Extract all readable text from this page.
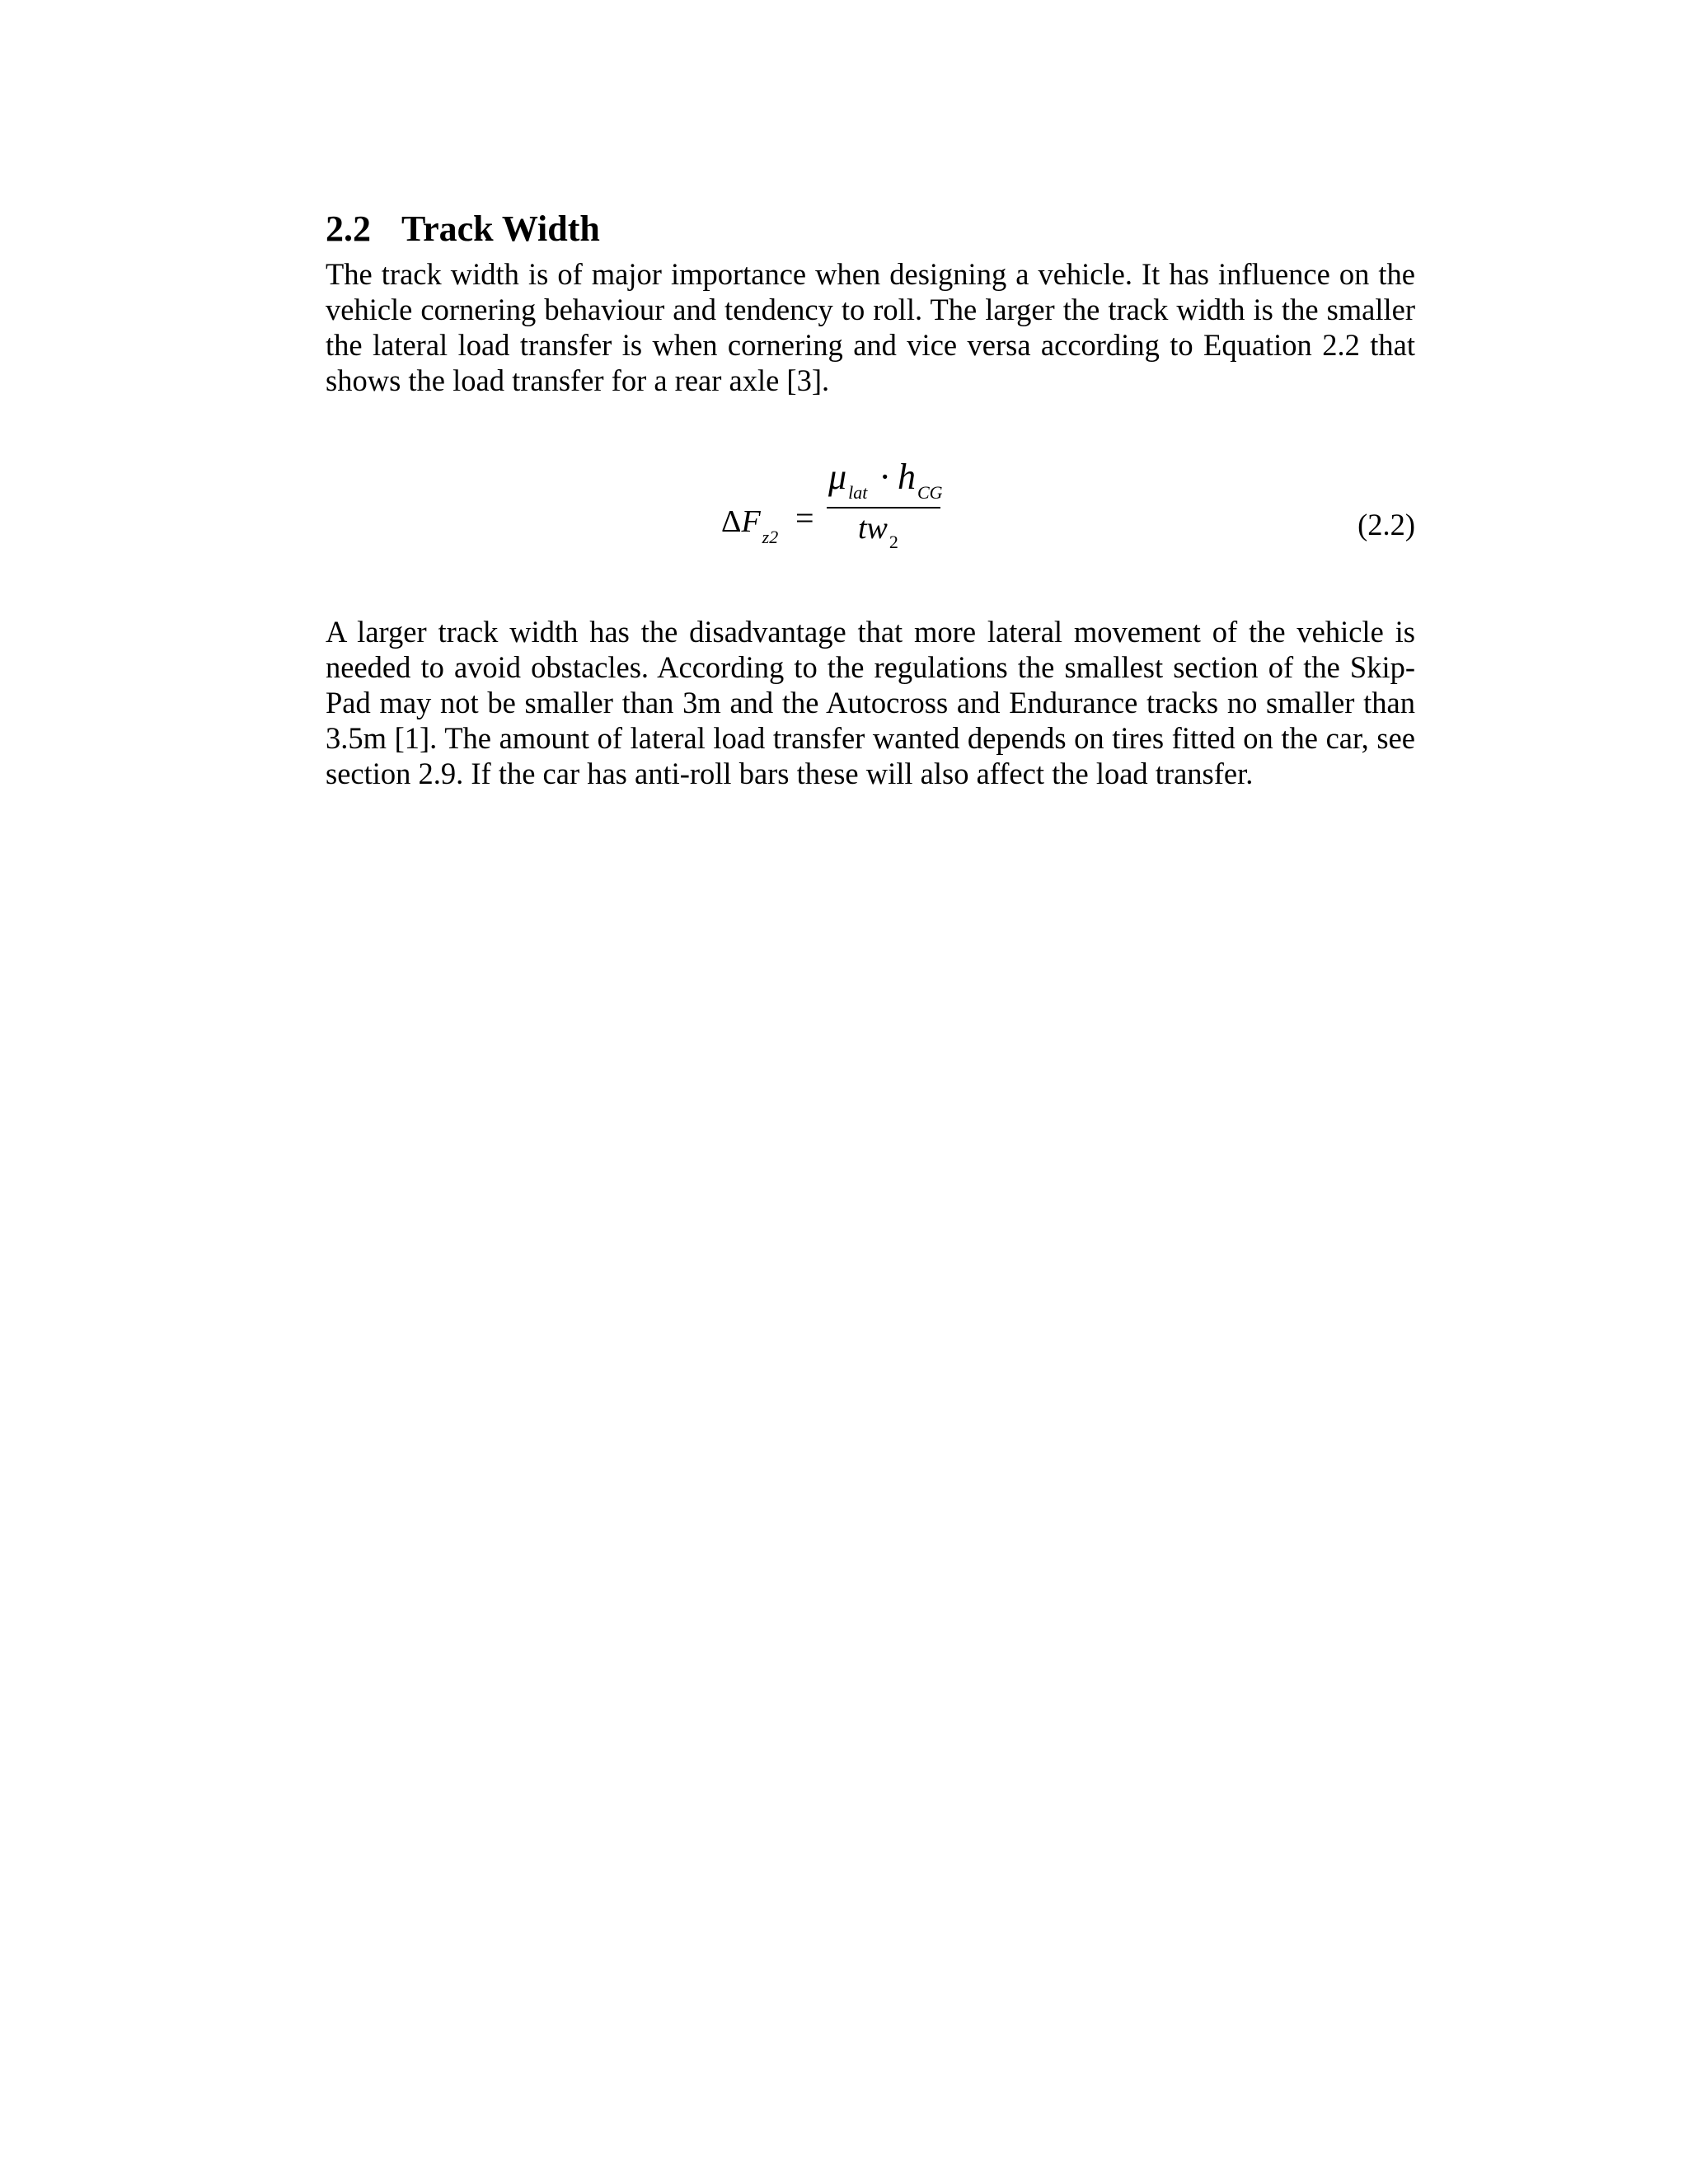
2.2 Track Width

The track width is of major importance when designing a vehicle. It has influence on the vehicle cornering behaviour and tendency to roll. The larger the track width is the smaller the lateral load transfer is when cornering and vice versa according to Equation 2.2 that shows the load transfer for a rear axle [3].

$\Delta F_{z2}$
=
$\mu_{lat} \cdot h_{CG}$
$tw_2$
(2.2)

A larger track width has the disadvantage that more lateral movement of the vehicle is needed to avoid obstacles. According to the regulations the smallest section of the Skip-Pad may not be smaller than 3m and the Autocross and Endurance tracks no smaller than 3.5m [1]. The amount of lateral load transfer wanted depends on tires fitted on the car, see section 2.9. If the car has anti-roll bars these will also affect the load transfer.
